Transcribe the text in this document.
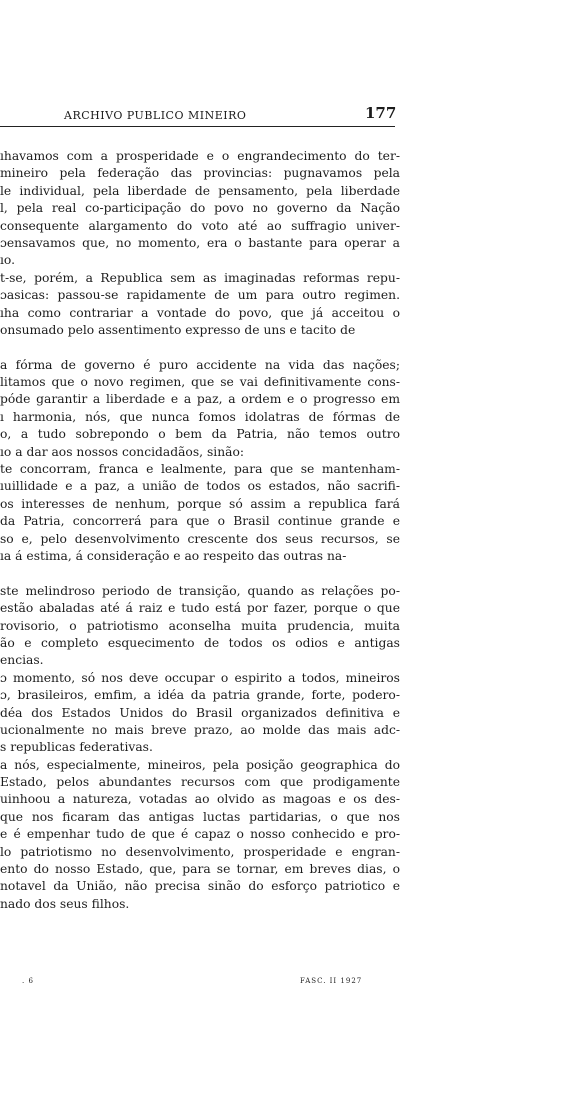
ARCHIVO PUBLICO MINEIRO	177
ıhavamos com a prosperidade e o engrandecimento do ter-
mineiro pela federação das provincias: pugnavamos pela
le individual, pela liberdade de pensamento, pela liberdade
l, pela real co-participação do povo no governo da Nação
consequente alargamento do voto até ao suffragio univer-
ɔensavamos que, no momento, era o bastante para operar a
ıo.
t-se, porém, a Republica sem as imaginadas reformas repu-
ɔasicas: passou-se rapidamente de um para outro regimen.
ıha como contrariar a vontade do povo, que já acceitou o
onsumado pelo assentimento expresso de uns e tacito de
a fórma de governo é puro accidente na vida das nações;
litamos que o novo regimen, que se vai definitivamente cons-
póde garantir a liberdade e a paz, a ordem e o progresso em
ı harmonia, nós, que nunca fomos idolatras de fórmas de
o, a tudo sobrepondo o bem da Patria, não temos outro
ıo a dar aos nossos concidadãos, sinão:
te concorram, franca e lealmente, para que se mantenham-
ıuillidade e a paz, a união de todos os estados, não sacrifi-
os interesses de nenhum, porque só assim a republica fará
da Patria, concorrerá para que o Brasil continue grande e
so e, pelo desenvolvimento crescente dos seus recursos, se
ıa á estima, á consideração e ao respeito das outras na-
ste melindroso periodo de transição, quando as relações po-
estão abaladas até á raiz e tudo está por fazer, porque o que
rovisorio, o patriotismo aconselha muita prudencia, muita
ão e completo esquecimento de todos os odios e antigas
encias.
ɔ momento, só nos deve occupar o espirito a todos, mineiros
ɔ, brasileiros, emfim, a idéa da patria grande, forte, podero-
déa dos Estados Unidos do Brasil organizados definitiva e
ucionalmente no mais breve prazo, ao molde das mais adc-
s republicas federativas.
a nós, especialmente, mineiros, pela posição geographica do
Estado, pelos abundantes recursos com que prodigamente
uinhoou a natureza, votadas ao olvido as magoas e os des-
que nos ficaram das antigas luctas partidarias, o que nos
e é empenhar tudo de que é capaz o nosso conhecido e pro-
lo patriotismo no desenvolvimento, prosperidade e engran-
ento do nosso Estado, que, para se tornar, em breves dias, o
notavel da União, não precisa sinão do esforço patriotico e
nado dos seus filhos.
. 6	FASC. II 1927
